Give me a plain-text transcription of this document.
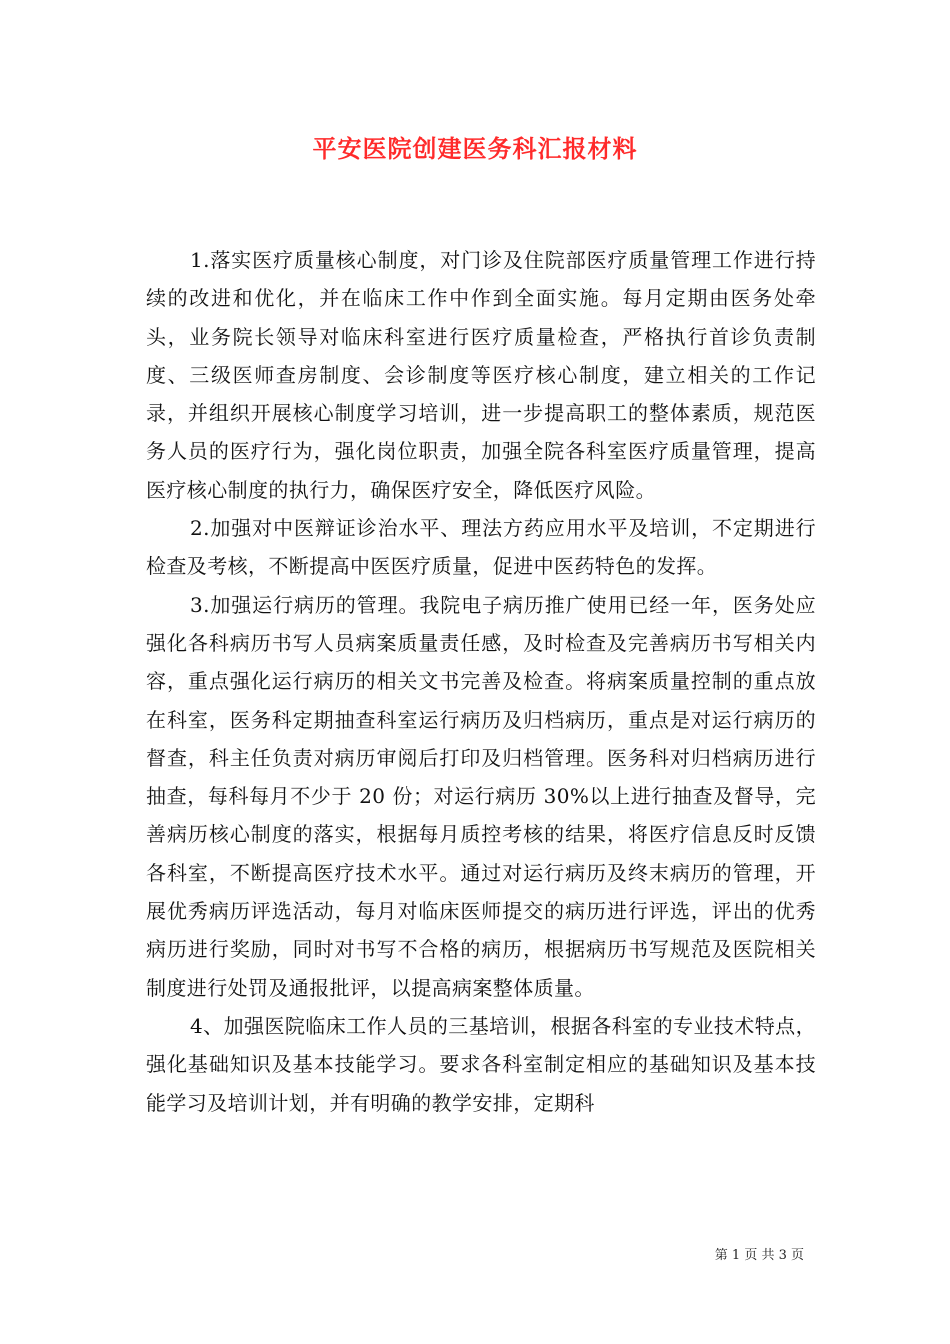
平安医院创建医务科汇报材料

1.落实医疗质量核心制度，对门诊及住院部医疗质量管理工作进行持续的改进和优化，并在临床工作中作到全面实施。每月定期由医务处牵头，业务院长领导对临床科室进行医疗质量检查，严格执行首诊负责制度、三级医师查房制度、会诊制度等医疗核心制度，建立相关的工作记录，并组织开展核心制度学习培训，进一步提高职工的整体素质，规范医务人员的医疗行为，强化岗位职责，加强全院各科室医疗质量管理，提高医疗核心制度的执行力，确保医疗安全，降低医疗风险。

2.加强对中医辩证诊治水平、理法方药应用水平及培训，不定期进行检查及考核，不断提高中医医疗质量，促进中医药特色的发挥。

3.加强运行病历的管理。我院电子病历推广使用已经一年，医务处应强化各科病历书写人员病案质量责任感，及时检查及完善病历书写相关内容，重点强化运行病历的相关文书完善及检查。将病案质量控制的重点放在科室，医务科定期抽查科室运行病历及归档病历，重点是对运行病历的督查，科主任负责对病历审阅后打印及归档管理。医务科对归档病历进行抽查，每科每月不少于 20 份；对运行病历 30%以上进行抽查及督导，完善病历核心制度的落实，根据每月质控考核的结果，将医疗信息反时反馈各科室，不断提高医疗技术水平。通过对运行病历及终末病历的管理，开展优秀病历评选活动，每月对临床医师提交的病历进行评选，评出的优秀病历进行奖励，同时对书写不合格的病历，根据病历书写规范及医院相关制度进行处罚及通报批评，以提高病案整体质量。

4、加强医院临床工作人员的三基培训，根据各科室的专业技术特点，强化基础知识及基本技能学习。要求各科室制定相应的基础知识及基本技能学习及培训计划，并有明确的教学安排，定期科

第 1 页 共 3 页
